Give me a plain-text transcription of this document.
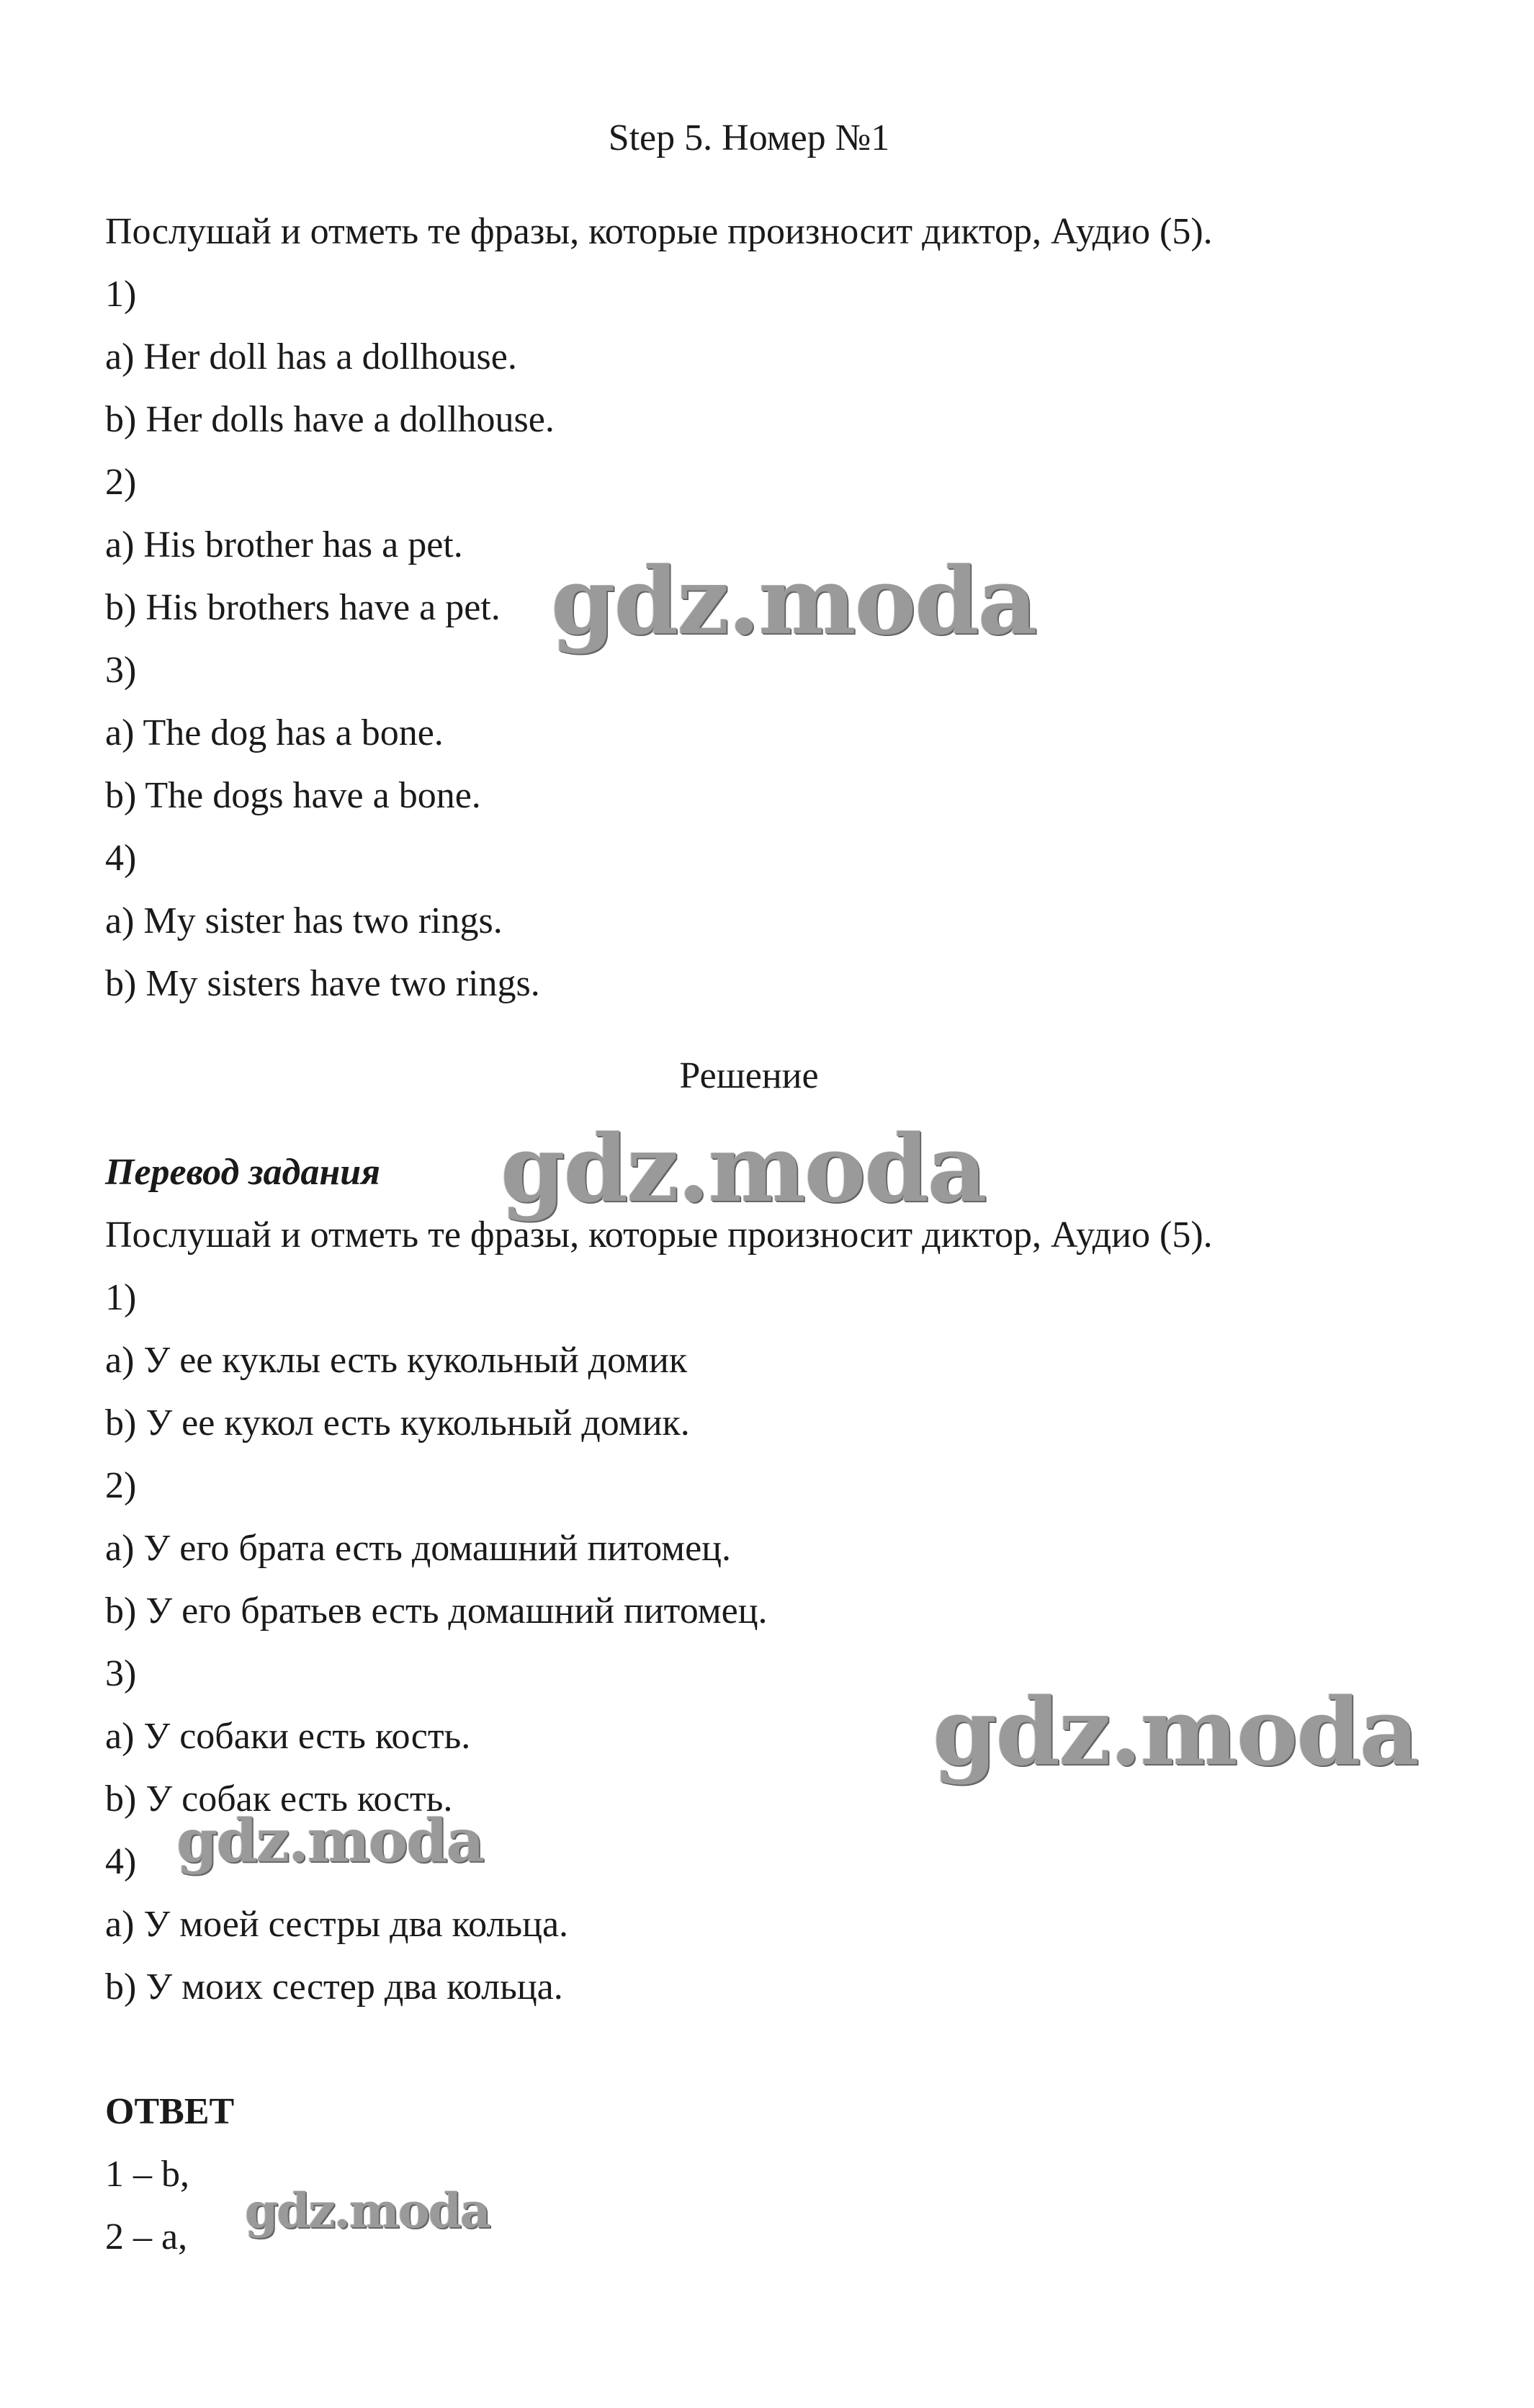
Step 5. Номер №1
Послушай и отметь те фразы, которые произносит диктор, Аудио (5).
1)
a) Her doll has a dollhouse.
b) Her dolls have a dollhouse.
2)
a) His brother has a pet.
b) His brothers have a pet.
3)
a) The dog has a bone.
b) The dogs have a bone.
4)
a) My sister has two rings.
b) My sisters have two rings.
Решение
Перевод задания
Послушай и отметь те фразы, которые произносит диктор, Аудио (5).
1)
a) У ее куклы есть кукольный домик
b) У ее кукол есть кукольный домик.
2)
a) У его брата есть домашний питомец.
b) У его братьев есть домашний питомец.
3)
a) У собаки есть кость.
b) У собак есть кость.
4)
a) У моей сестры два кольца.
b) У моих сестер два кольца.
ОТВЕТ
1 – b,
2 – a,
gdz.moda
gdz.moda
gdz.moda
gdz.moda
gdz.moda
